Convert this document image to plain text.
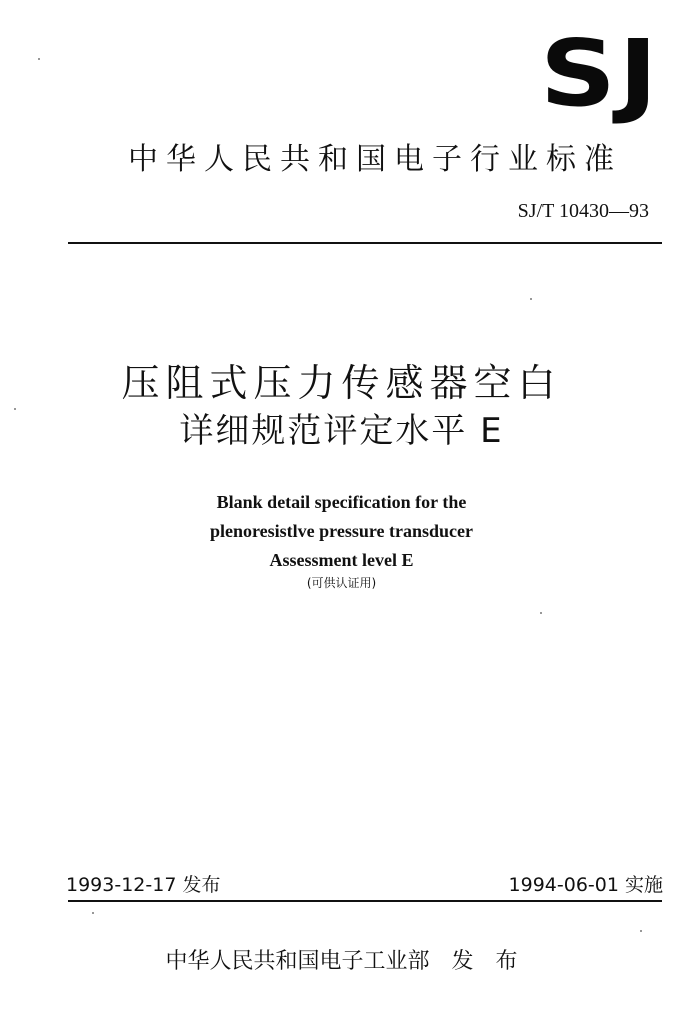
SJ
中华人民共和国电子行业标准
SJ/T 10430—93
压阻式压力传感器空白
详细规范评定水平 E
Blank detail specification for the
plenoresistlve pressure transducer
Assessment level E
(可供认证用)
1993-12-17 发布	1994-06-01 实施
中华人民共和国电子工业部　发　布
